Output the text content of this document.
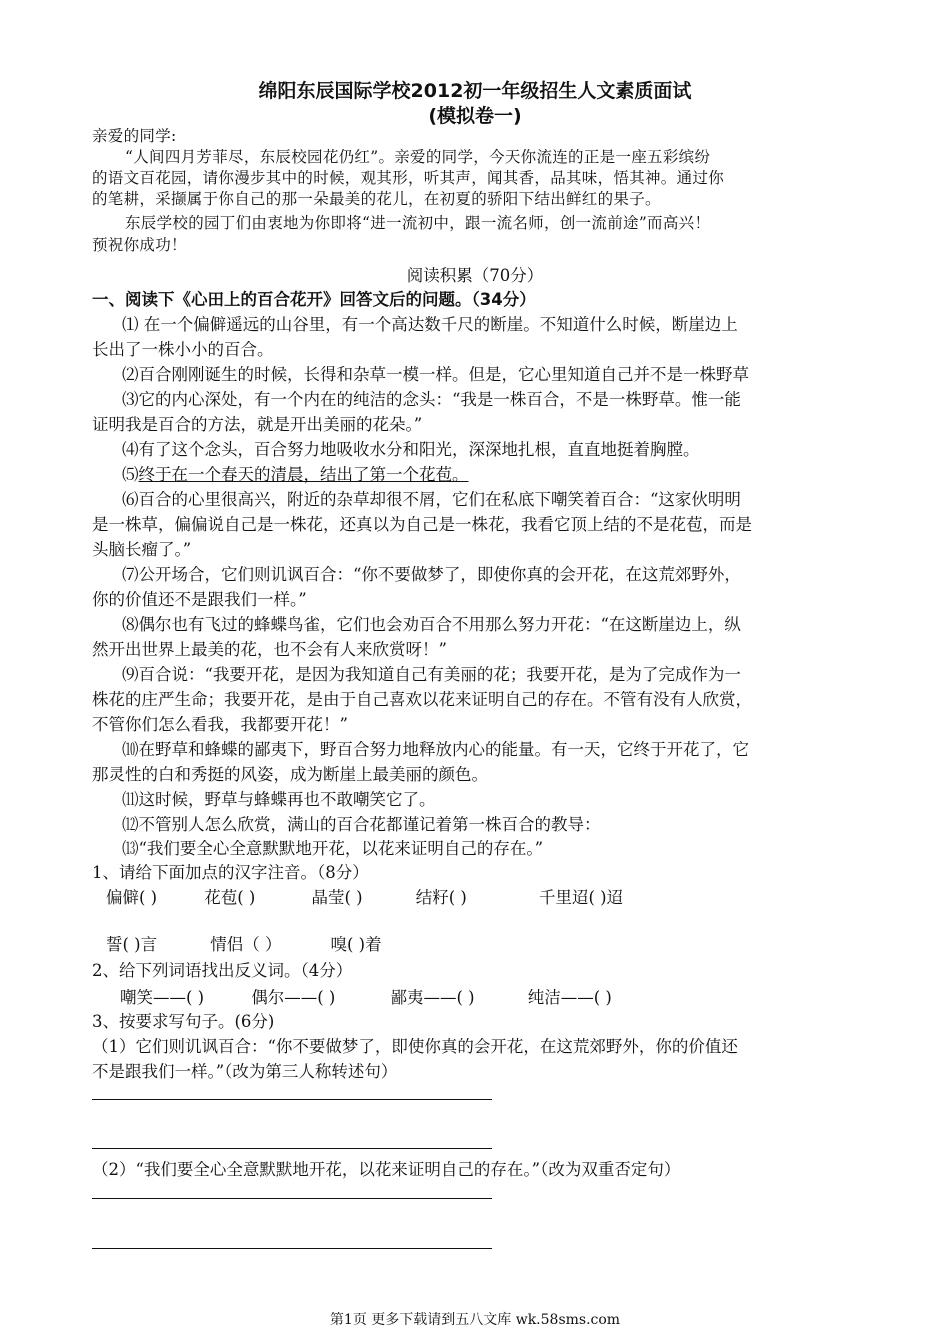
绵阳东辰国际学校2012初一年级招生人文素质面试
(模拟卷一)
亲爱的同学:
“人间四月芳菲尽，东辰校园花仍红”。亲爱的同学，今天你流连的正是一座五彩缤纷
的语文百花园，请你漫步其中的时候，观其形，听其声，闻其香，品其味，悟其神。通过你
的笔耕，采撷属于你自己的那一朵最美的花儿，在初夏的骄阳下结出鲜红的果子。
东辰学校的园丁们由衷地为你即将“进一流初中，跟一流名师，创一流前途”而高兴！
预祝你成功！
阅读积累（70分）
一、阅读下《心田上的百合花开》回答文后的问题。（34分）
⑴ 在一个偏僻遥远的山谷里，有一个高达数千尺的断崖。不知道什么时候，断崖边上
长出了一株小小的百合。
⑵百合刚刚诞生的时候，长得和杂草一模一样。但是，它心里知道自己并不是一株野草
⑶它的内心深处，有一个内在的纯洁的念头：“我是一株百合，不是一株野草。惟一能
证明我是百合的方法，就是开出美丽的花朵。”
⑷有了这个念头，百合努力地吸收水分和阳光，深深地扎根，直直地挺着胸膛。
⑸终于在一个春天的清晨，结出了第一个花苞。
⑹百合的心里很高兴，附近的杂草却很不屑，它们在私底下嘲笑着百合：“这家伙明明
是一株草，偏偏说自己是一株花，还真以为自己是一株花，我看它顶上结的不是花苞，而是
头脑长瘤了。”
⑺公开场合，它们则讥讽百合：“你不要做梦了，即使你真的会开花，在这荒郊野外，
你的价值还不是跟我们一样。”
⑻偶尔也有飞过的蜂蝶鸟雀，它们也会劝百合不用那么努力开花：“在这断崖边上，纵
然开出世界上最美的花，也不会有人来欣赏呀！”
⑼百合说：“我要开花，是因为我知道自己有美丽的花；我要开花，是为了完成作为一
株花的庄严生命；我要开花，是由于自己喜欢以花来证明自己的存在。不管有没有人欣赏，
不管你们怎么看我，我都要开花！”
⑽在野草和蜂蝶的鄙夷下，野百合努力地释放内心的能量。有一天，它终于开花了，它
那灵性的白和秀挺的风姿，成为断崖上最美丽的颜色。
⑾这时候，野草与蜂蝶再也不敢嘲笑它了。
⑿不管别人怎么欣赏，满山的百合花都谨记着第一株百合的教导：
⒀“我们要全心全意默默地开花，以花来证明自己的存在。”
1、请给下面加点的汉字注音。（8分）
偏僻( )	花苞( )	晶莹( )	结籽( )	千里迢( )迢
誓( )言	情侣（ ）	嗅( )着
2、给下列词语找出反义词。（4分）
嘲笑——( )	偶尔——( )	鄙夷——( )	纯洁——( )
3、按要求写句子。(6分)
（1）它们则讥讽百合：“你不要做梦了，即使你真的会开花，在这荒郊野外，你的价值还
不是跟我们一样。”（改为第三人称转述句）
（2）“我们要全心全意默默地开花，以花来证明自己的存在。”（改为双重否定句）
第1页 更多下载请到五八文库 wk.58sms.com
